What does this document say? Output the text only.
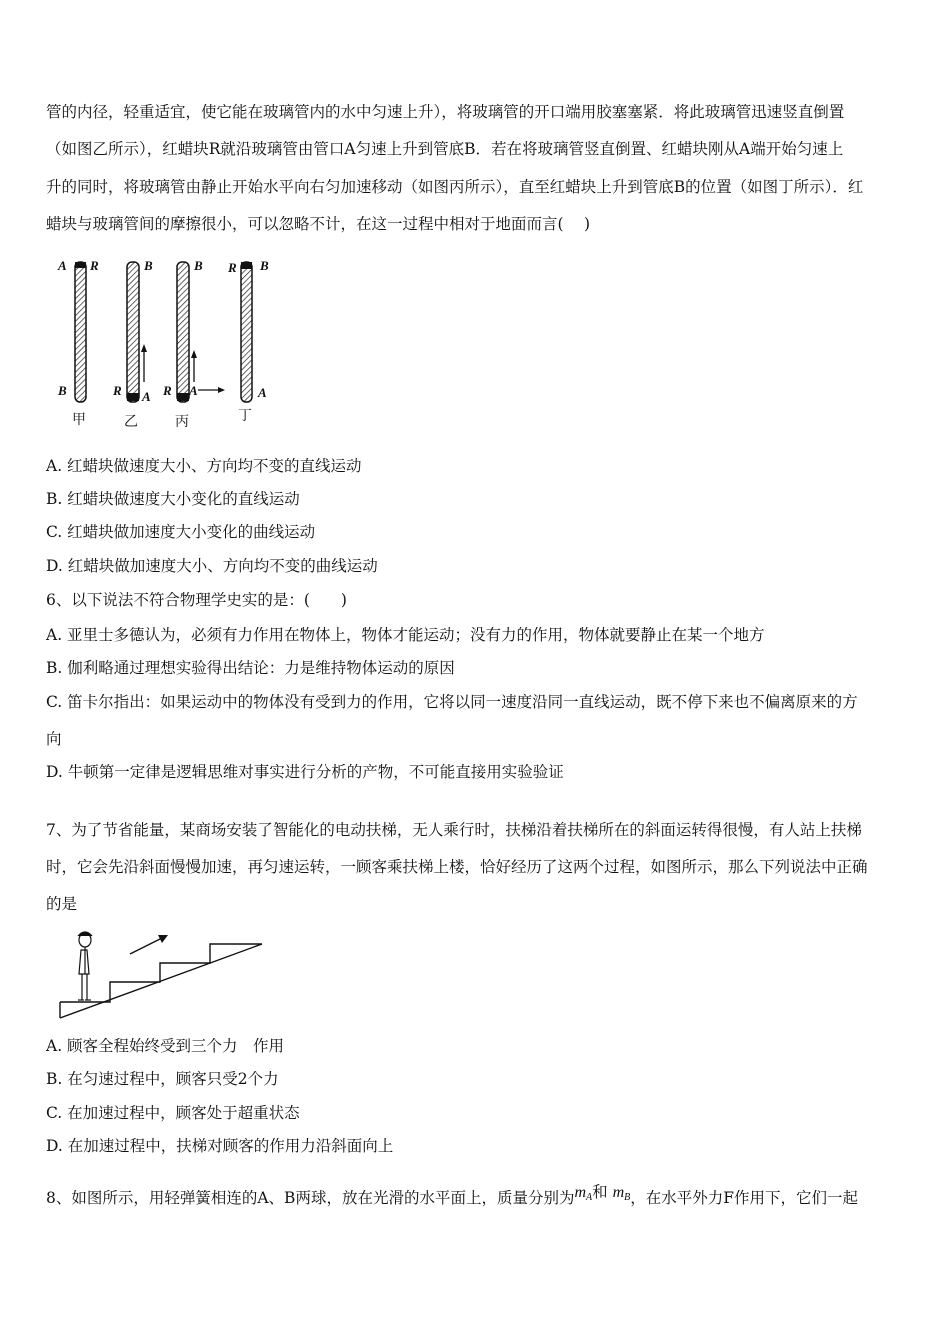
管的内径，轻重适宜，使它能在玻璃管内的水中匀速上升），将玻璃管的开口端用胶塞塞紧．将此玻璃管迅速竖直倒置
（如图乙所示），红蜡块R就沿玻璃管由管口A匀速上升到管底B．若在将玻璃管竖直倒置、红蜡块刚从A端开始匀速上
升的同时，将玻璃管由静止开始水平向右匀加速移动（如图丙所示），直至红蜡块上升到管底B的位置（如图丁所示）．红
蜡块与玻璃管间的摩擦很小，可以忽略不计，在这一过程中相对于地面而言(　 )
A R
B
B
R A
B
R A
R B
A
甲	乙	丙	丁
A. 红蜡块做速度大小、方向均不变的直线运动
B. 红蜡块做速度大小变化的直线运动
C. 红蜡块做加速度大小变化的曲线运动
D. 红蜡块做加速度大小、方向均不变的曲线运动
6、以下说法不符合物理学史实的是：(　　)
A. 亚里士多德认为，必须有力作用在物体上，物体才能运动；没有力的作用，物体就要静止在某一个地方
B. 伽利略通过理想实验得出结论：力是维持物体运动的原因
C. 笛卡尔指出：如果运动中的物体没有受到力的作用，它将以同一速度沿同一直线运动，既不停下来也不偏离原来的方
向
D. 牛顿第一定律是逻辑思维对事实进行分析的产物，不可能直接用实验验证
7、为了节省能量，某商场安装了智能化的电动扶梯，无人乘行时，扶梯沿着扶梯所在的斜面运转得很慢，有人站上扶梯
时，它会先沿斜面慢慢加速，再匀速运转，一顾客乘扶梯上楼，恰好经历了这两个过程，如图所示，那么下列说法中正确
的是
A. 顾客全程始终受到三个力　作用
B. 在匀速过程中，顾客只受2个力
C. 在加速过程中，顾客处于超重状态
D. 在加速过程中，扶梯对顾客的作用力沿斜面向上
8、如图所示，用轻弹簧相连的A、B两球，放在光滑的水平面上，质量分别为$m_A$和 $m_B$，在水平外力F作用下，它们一起
